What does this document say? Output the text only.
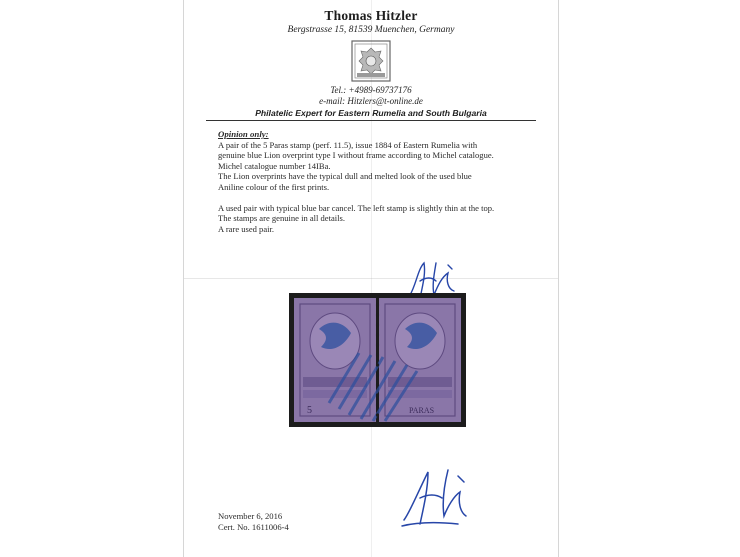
Thomas Hitzler
Bergstrasse 15, 81539 Muenchen, Germany
Tel.: +4989-69737176
e-mail: Hitzlers@t-online.de
Philatelic Expert for Eastern Rumelia and South Bulgaria
Opinion only:
A pair of the 5 Paras stamp (perf. 11.5), issue 1884 of Eastern Rumelia with
genuine blue Lion overprint type I without frame according to Michel catalogue.
Michel catalogue number 14IBa.
The Lion overprints have the typical dull and melted look of the used blue
Aniline colour of the first prints.
A used pair with typical blue bar cancel. The left stamp is slightly thin at the top.
The stamps are genuine in all details.
A rare used pair.
5	PARAS
November 6, 2016
Cert. No. 1611006-4
